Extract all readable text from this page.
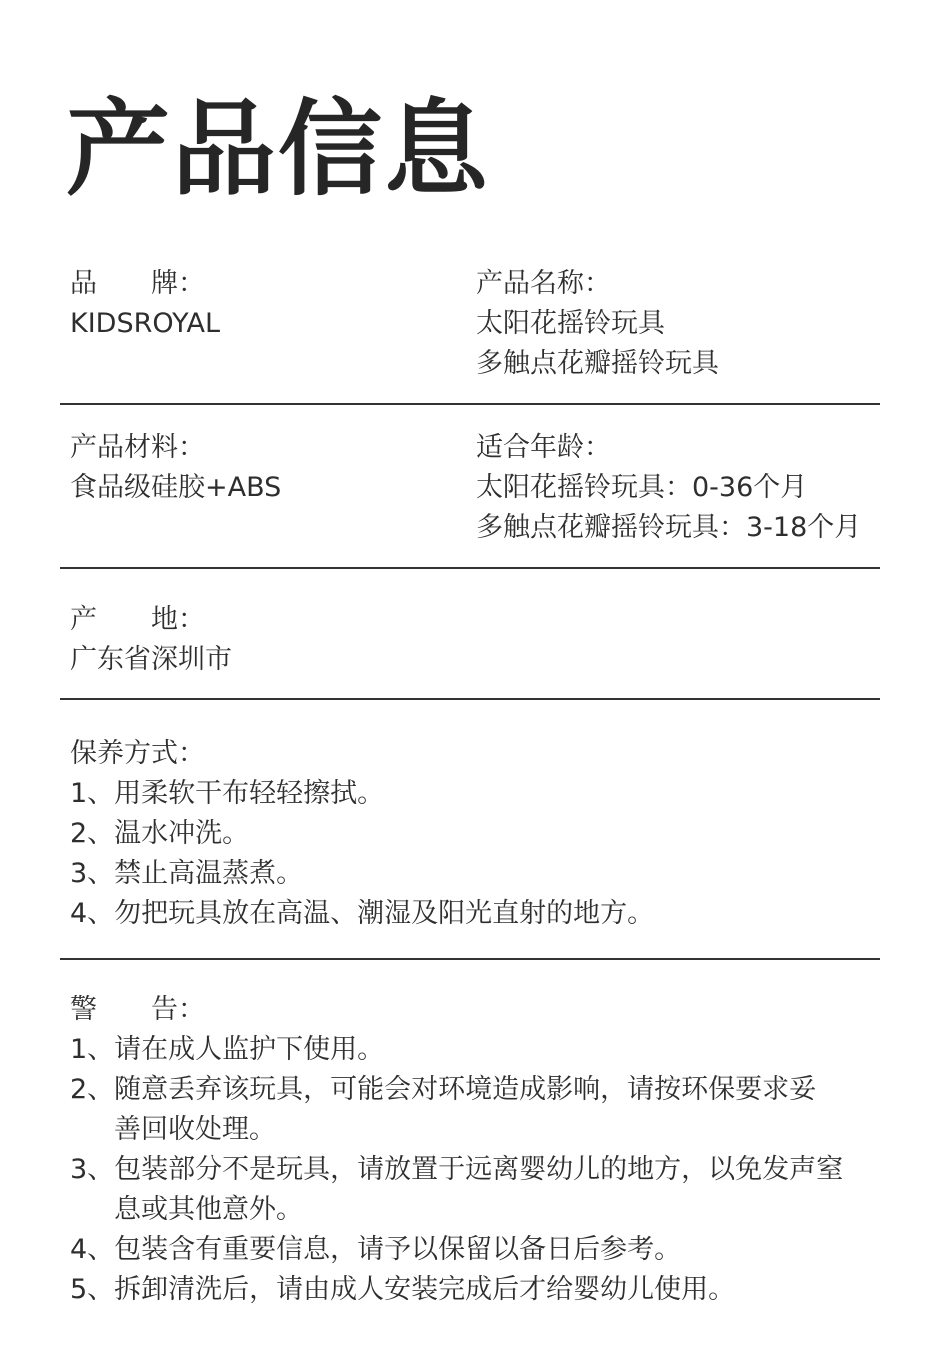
产品信息
品　　牌：
KIDSROYAL
产品名称：
太阳花摇铃玩具
多触点花瓣摇铃玩具
产品材料：
食品级硅胶+ABS
适合年龄：
太阳花摇铃玩具：0-36个月
多触点花瓣摇铃玩具：3-18个月
产　　地：
广东省深圳市
保养方式：
1、用柔软干布轻轻擦拭。
2、温水冲洗。
3、禁止高温蒸煮。
4、勿把玩具放在高温、潮湿及阳光直射的地方。
警　　告：
1、请在成人监护下使用。
2、随意丢弃该玩具，可能会对环境造成影响，请按环保要求妥
善回收处理。
3、包装部分不是玩具，请放置于远离婴幼儿的地方，以免发声窒
息或其他意外。
4、包装含有重要信息，请予以保留以备日后参考。
5、拆卸清洗后，请由成人安装完成后才给婴幼儿使用。
